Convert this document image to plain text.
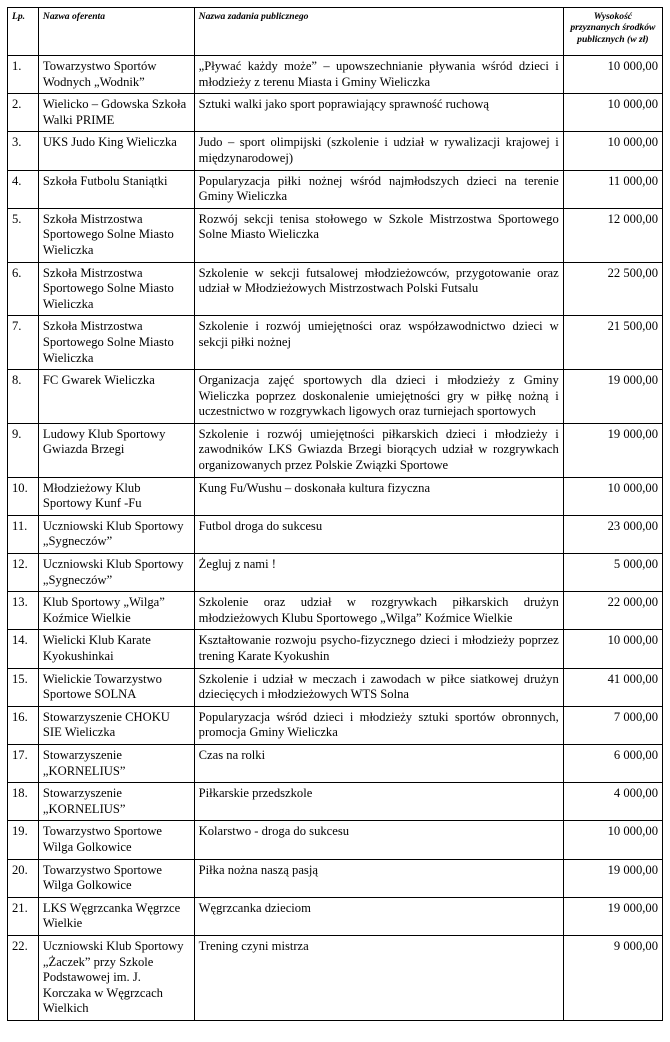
Lp.	Nazwa oferenta	Nazwa zadania publicznego	Wysokość przyznanych środków publicznych (w zł)
1.	Towarzystwo Sportów Wodnych „Wodnik”	„Pływać każdy może” – upowszechnianie pływania wśród dzieci i młodzieży z terenu Miasta i Gminy Wieliczka	10 000,00
2.	Wielicko – Gdowska Szkoła Walki PRIME	Sztuki walki jako sport poprawiający sprawność ruchową	10 000,00
3.	UKS Judo King Wieliczka	Judo – sport olimpijski (szkolenie i udział w rywalizacji krajowej i międzynarodowej)	10 000,00
4.	Szkoła Futbolu Staniątki	Popularyzacja piłki nożnej wśród najmłodszych dzieci na terenie Gminy Wieliczka	11 000,00
5.	Szkoła Mistrzostwa Sportowego Solne Miasto Wieliczka	Rozwój sekcji tenisa stołowego w Szkole Mistrzostwa Sportowego Solne Miasto Wieliczka	12 000,00
6.	Szkoła Mistrzostwa Sportowego Solne Miasto Wieliczka	Szkolenie w sekcji futsalowej młodzieżowców, przygotowanie oraz udział w Młodzieżowych Mistrzostwach Polski Futsalu	22 500,00
7.	Szkoła Mistrzostwa Sportowego Solne Miasto Wieliczka	Szkolenie i rozwój umiejętności oraz współzawodnictwo dzieci w sekcji piłki nożnej	21 500,00
8.	FC Gwarek Wieliczka	Organizacja zajęć sportowych dla dzieci i młodzieży z Gminy Wieliczka poprzez doskonalenie umiejętności gry w piłkę nożną i uczestnictwo w rozgrywkach ligowych oraz turniejach sportowych	19 000,00
9.	Ludowy Klub Sportowy Gwiazda Brzegi	Szkolenie i rozwój umiejętności piłkarskich dzieci i młodzieży i zawodników LKS Gwiazda Brzegi biorących udział w rozgrywkach organizowanych przez Polskie Związki Sportowe	19 000,00
10.	Młodzieżowy Klub Sportowy Kunf -Fu	Kung Fu/Wushu – doskonała kultura fizyczna	10 000,00
11.	Uczniowski Klub Sportowy „Sygneczów”	Futbol droga do sukcesu	23 000,00
12.	Uczniowski Klub Sportowy „Sygneczów”	Żegluj z nami !	5 000,00
13.	Klub Sportowy „Wilga” Koźmice Wielkie	Szkolenie oraz udział w rozgrywkach piłkarskich drużyn młodzieżowych Klubu Sportowego „Wilga” Koźmice Wielkie	22 000,00
14.	Wielicki Klub Karate Kyokushinkai	Kształtowanie rozwoju psycho-fizycznego dzieci i młodzieży poprzez trening Karate Kyokushin	10 000,00
15.	Wielickie Towarzystwo Sportowe SOLNA	Szkolenie i udział w meczach i zawodach w piłce siatkowej drużyn dziecięcych i młodzieżowych WTS Solna	41 000,00
16.	Stowarzyszenie CHOKU SIE Wieliczka	Popularyzacja wśród dzieci i młodzieży sztuki sportów obronnych, promocja Gminy Wieliczka	7 000,00
17.	Stowarzyszenie „KORNELIUS”	Czas na rolki	6 000,00
18.	Stowarzyszenie „KORNELIUS”	Piłkarskie przedszkole	4 000,00
19.	Towarzystwo Sportowe Wilga Golkowice	Kolarstwo - droga do sukcesu	10 000,00
20.	Towarzystwo Sportowe Wilga Golkowice	Piłka nożna naszą pasją	19 000,00
21.	LKS Węgrzcanka Węgrzce Wielkie	Węgrzcanka dzieciom	19 000,00
22.	Uczniowski Klub Sportowy „Żaczek” przy Szkole Podstawowej im. J. Korczaka w Węgrzcach Wielkich	Trening czyni mistrza	9 000,00
